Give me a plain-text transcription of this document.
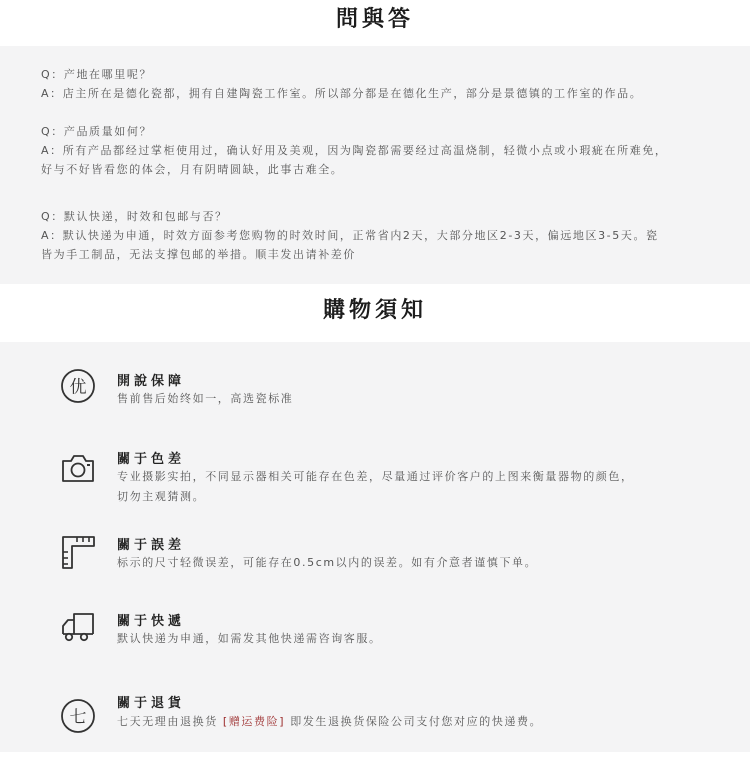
問與答

Q：产地在哪里呢？

A：店主所在是德化瓷都，拥有自建陶瓷工作室。所以部分都是在德化生产，部分是景德镇的工作室的作品。

Q：产品质量如何？

A：所有产品都经过掌柜使用过，确认好用及美观，因为陶瓷都需要经过高温烧制，轻微小点或小瑕疵在所难免，

好与不好皆看您的体会，月有阴晴圆缺，此事古难全。

Q：默认快递，时效和包邮与否？

A：默认快递为申通，时效方面参考您购物的时效时间，正常省内2天，大部分地区2-3天，偏远地区3-5天。瓷

皆为手工制品，无法支撑包邮的举措。顺丰发出请补差价

購物須知
优 開說保障
售前售后始终如一，高选瓷标准
關于色差
专业摄影实拍，不同显示器相关可能存在色差，尽量通过评价客户的上图来衡量器物的颜色，
切勿主观猜测。
關于誤差
标示的尺寸轻微误差，可能存在0.5cm以内的误差。如有介意者谨慎下单。
關于快遞
默认快递为申通，如需发其他快递需咨询客服。
七
關于退貨
七天无理由退换货 [赠运费险] 即发生退换货保险公司支付您对应的快递费。
